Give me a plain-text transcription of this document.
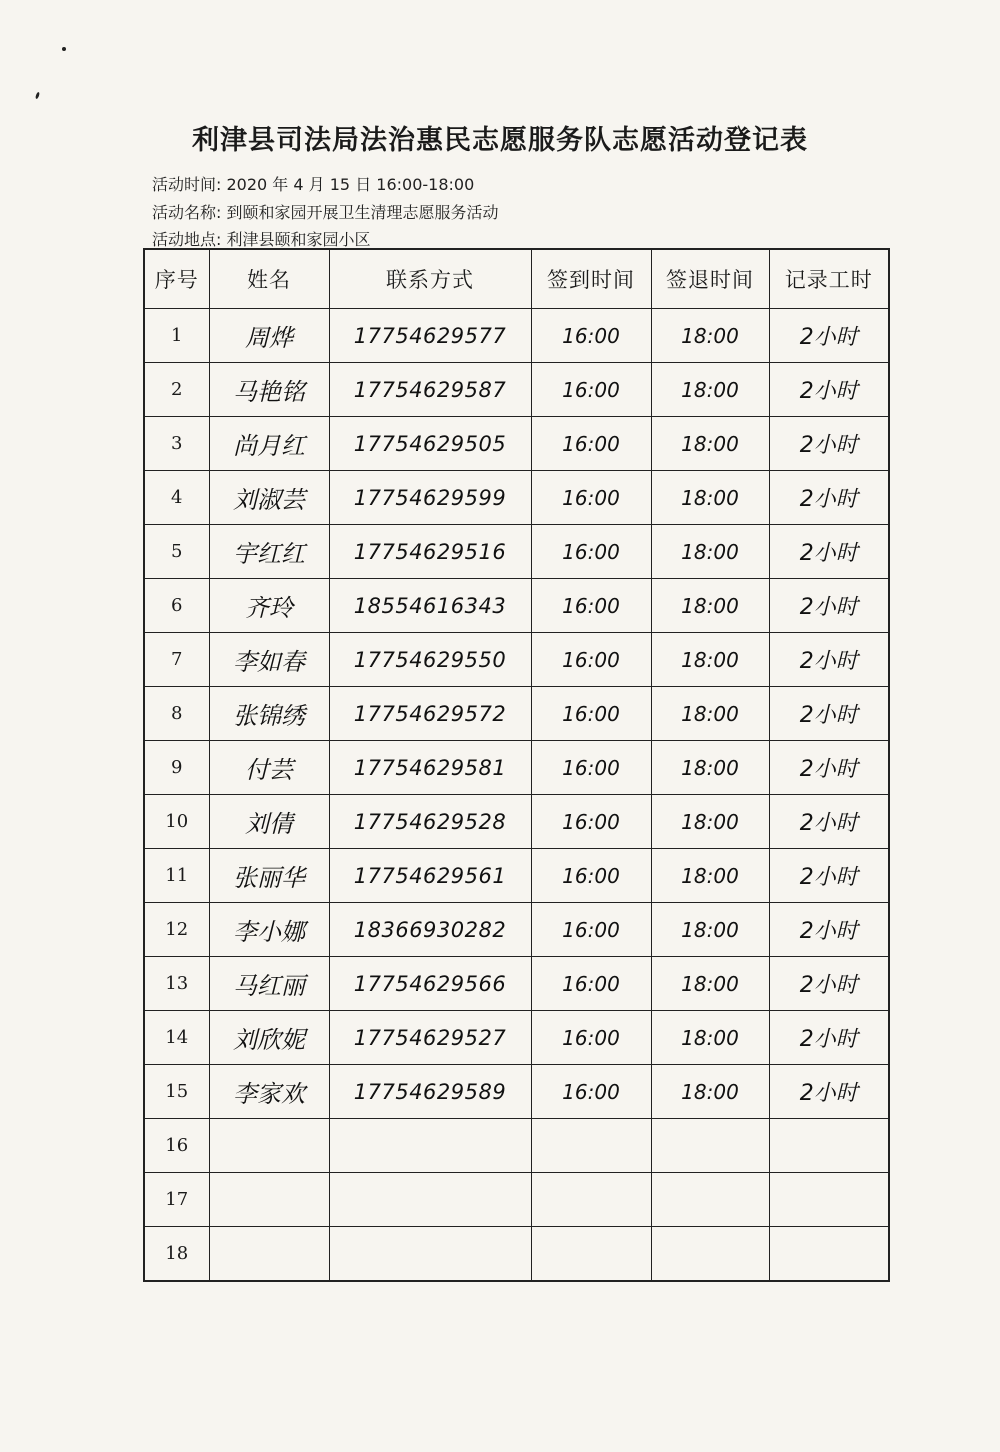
利津县司法局法治惠民志愿服务队志愿活动登记表
活动时间: 2020 年 4 月 15 日 16:00-18:00
活动名称: 到颐和家园开展卫生清理志愿服务活动
活动地点: 利津县颐和家园小区
序号	姓名	联系方式	签到时间	签退时间	记录工时
1	周烨	17754629577	16:00	18:00	2小时
2	马艳铭	17754629587	16:00	18:00	2小时
3	尚月红	17754629505	16:00	18:00	2小时
4	刘淑芸	17754629599	16:00	18:00	2小时
5	宇红红	17754629516	16:00	18:00	2小时
6	齐玲	18554616343	16:00	18:00	2小时
7	李如春	17754629550	16:00	18:00	2小时
8	张锦绣	17754629572	16:00	18:00	2小时
9	付芸	17754629581	16:00	18:00	2小时
10	刘倩	17754629528	16:00	18:00	2小时
11	张丽华	17754629561	16:00	18:00	2小时
12	李小娜	18366930282	16:00	18:00	2小时
13	马红丽	17754629566	16:00	18:00	2小时
14	刘欣妮	17754629527	16:00	18:00	2小时
15	李家欢	17754629589	16:00	18:00	2小时
16					
17					
18					
